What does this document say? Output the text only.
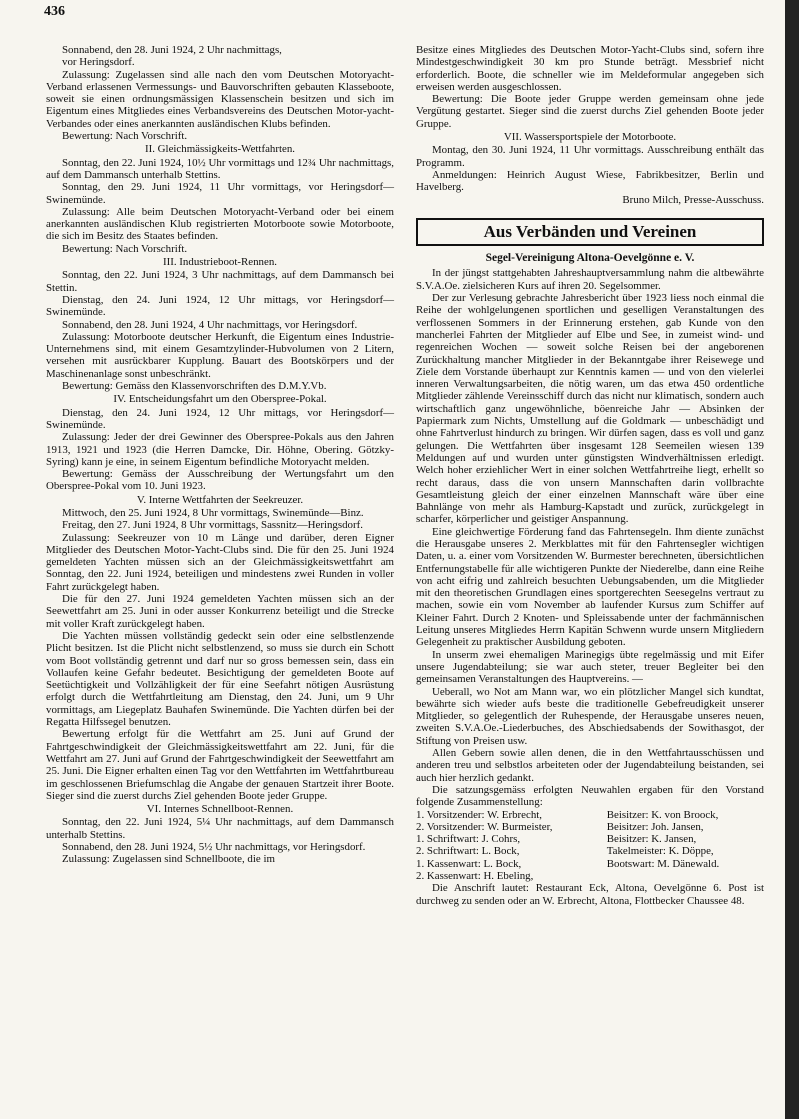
436

Sonnabend, den 28. Juni 1924, 2 Uhr nachmittags,

vor Heringsdorf.

Zulassung: Zugelassen sind alle nach den vom Deutschen Motoryacht-Verband erlassenen Vermessungs- und Bauvorschriften gebauten Klasseboote, soweit sie einen ordnungsmässigen Klassenschein besitzen und sich im Eigentum eines Mitgliedes eines Verbandsvereins des Deutschen Motor-yacht-Verbandes oder eines anerkannten ausländischen Klubs befinden.

Bewertung: Nach Vorschrift.

II. Gleichmässigkeits-Wettfahrten.

Sonntag, den 22. Juni 1924, 10½ Uhr vormittags und 12¾ Uhr nachmittags, auf dem Dammansch unterhalb Stettins.

Sonntag, den 29. Juni 1924, 11 Uhr vormittags, vor Heringsdorf—Swinemünde.

Zulassung: Alle beim Deutschen Motoryacht-Verband oder bei einem anerkannten ausländischen Klub registrierten Motorboote sowie Motorboote, die sich im Besitz des Staates befinden.

Bewertung: Nach Vorschrift.

III. Industrieboot-Rennen.

Sonntag, den 22. Juni 1924, 3 Uhr nachmittags, auf dem Dammansch bei Stettin.

Dienstag, den 24. Juni 1924, 12 Uhr mittags, vor Heringsdorf—Swinemünde.

Sonnabend, den 28. Juni 1924, 4 Uhr nachmittags, vor Heringsdorf.

Zulassung: Motorboote deutscher Herkunft, die Eigentum eines Industrie-Unternehmens sind, mit einem Gesamtzylinder-Hubvolumen von 2 Litern, versehen mit ausrückbarer Kupplung. Bauart des Bootskörpers und der Maschinenanlage sonst unbeschränkt.

Bewertung: Gemäss den Klassenvorschriften des D.M.Y.Vb.

IV. Entscheidungsfahrt um den Oberspree-Pokal.

Dienstag, den 24. Juni 1924, 12 Uhr mittags, vor Heringsdorf—Swinemünde.

Zulassung: Jeder der drei Gewinner des Oberspree-Pokals aus den Jahren 1913, 1921 und 1923 (die Herren Damcke, Dir. Höhne, Obering. Götzky-Syring) kann je eine, in seinem Eigentum befindliche Motoryacht melden.

Bewertung: Gemäss der Ausschreibung der Wertungsfahrt um den Oberspree-Pokal vom 10. Juni 1923.

V. Interne Wettfahrten der Seekreuzer.

Mittwoch, den 25. Juni 1924, 8 Uhr vormittags, Swinemünde—Binz.

Freitag, den 27. Juni 1924, 8 Uhr vormittags, Sassnitz—Heringsdorf.

Zulassung: Seekreuzer von 10 m Länge und darüber, deren Eigner Mitglieder des Deutschen Motor-Yacht-Clubs sind. Die für den 25. Juni 1924 gemeldeten Yachten müssen sich an der Gleichmässigkeitswettfahrt am Sonntag, den 22. Juni 1924, beteiligen und mindestens zwei Runden in voller Fahrt zurückgelegt haben.

Die für den 27. Juni 1924 gemeldeten Yachten müssen sich an der Seewettfahrt am 25. Juni in oder ausser Konkurrenz beteiligt und die Strecke mit voller Kraft zurückgelegt haben.

Die Yachten müssen vollständig gedeckt sein oder eine selbstlenzende Plicht besitzen. Ist die Plicht nicht selbstlenzend, so muss sie durch ein Schott vom Boot vollständig getrennt und darf nur so gross bemessen sein, dass ein Vollaufen keine Gefahr bedeutet. Besichtigung der gemeldeten Boote auf Seetüchtigkeit und Vollzähligkeit der für eine Seefahrt nötigen Ausrüstung erfolgt durch die Wettfahrtleitung am Dienstag, den 24. Juni, um 9 Uhr vormittags, am Liegeplatz Bauhafen Swinemünde. Die Yachten dürfen bei der Regatta Hilfssegel benutzen.

Bewertung erfolgt für die Wettfahrt am 25. Juni auf Grund der Fahrtgeschwindigkeit der Gleichmässigkeitswettfahrt am 22. Juni, für die Wettfahrt am 27. Juni auf Grund der Fahrtgeschwindigkeit der Seewettfahrt am 25. Juni. Die Eigner erhalten einen Tag vor den Wettfahrten im Wettfahrtbureau im geschlossenen Briefumschlag die Angabe der genauen Startzeit ihrer Boote. Sieger sind die zuerst durchs Ziel gehenden Boote jeder Gruppe.

VI. Internes Schnellboot-Rennen.

Sonntag, den 22. Juni 1924, 5¼ Uhr nachmittags, auf dem Dammansch unterhalb Stettins.

Sonnabend, den 28. Juni 1924, 5½ Uhr nachmittags, vor Heringsdorf.

Zulassung: Zugelassen sind Schnellboote, die im

Besitze eines Mitgliedes des Deutschen Motor-Yacht-Clubs sind, sofern ihre Mindestgeschwindigkeit 30 km pro Stunde beträgt. Messbrief nicht erforderlich. Boote, die schneller wie im Meldeformular angegeben sich erweisen werden ausgeschlossen.

Bewertung: Die Boote jeder Gruppe werden gemeinsam ohne jede Vergütung gestartet. Sieger sind die zuerst durchs Ziel gehenden Boote jeder Gruppe.

VII. Wassersportspiele der Motorboote.

Montag, den 30. Juni 1924, 11 Uhr vormittags. Ausschreibung enthält das Programm.

Anmeldungen: Heinrich August Wiese, Fabrikbesitzer, Berlin und Havelberg.

Bruno Milch, Presse-Ausschuss.

Aus Verbänden und Vereinen

Segel-Vereinigung Altona-Oevelgönne e. V.

In der jüngst stattgehabten Jahreshauptversammlung nahm die altbewährte S.V.A.Oe. zielsicheren Kurs auf ihren 20. Segelsommer.

Der zur Verlesung gebrachte Jahresbericht über 1923 liess noch einmal die Reihe der wohlgelungenen sportlichen und geselligen Veranstaltungen des verflossenen Sommers in der Erinnerung erstehen, gab Kunde von den mancherlei Fahrten der Mitglieder auf Elbe und See, in zumeist wind- und regenreichen Wochen — soweit solche Reisen bei der angeborenen Zurückhaltung mancher Mitglieder in der Bekanntgabe ihrer Reisewege und Ziele dem Vorstande überhaupt zur Kenntnis kamen — und von den vielerlei inneren Verwaltungsarbeiten, die nötig waren, um das etwa 450 ordentliche Mitglieder zählende Vereinsschiff durch das nicht nur klimatisch, sondern auch wirtschaftlich ganz ungewöhnliche, böenreiche Jahr — Absinken der Papiermark zum Nichts, Umstellung auf die Goldmark — unbeschädigt und ohne Fahrtverlust hindurch zu bringen. Wir dürfen sagen, dass es voll und ganz gelungen. Die Wettfahrten über insgesamt 128 Seemeilen wiesen 139 Meldungen auf und wurden unter günstigsten Windverhältnissen erledigt. Welch hoher erziehlicher Wert in einer solchen Wettfahrtreihe liegt, erhellt so recht daraus, dass die von unsern Mannschaften darin vollbrachte Gesamtleistung gleich der einer einzelnen Mannschaft wäre über eine Bahnlänge von mehr als Hamburg-Kapstadt und zurück, zurückgelegt in scharfer, körperlicher und geistiger Anspannung.

Eine gleichwertige Förderung fand das Fahrtensegeln. Ihm diente zunächst die Herausgabe unseres 2. Merkblattes mit für den Fahrtensegler wichtigen Daten, u. a. einer vom Vorsitzenden W. Burmester berechneten, übersichtlichen Entfernungstabelle für alle wichtigeren Punkte der Niederelbe, dann eine Reihe von acht eifrig und zahlreich besuchten Uebungsabenden, um die Mitglieder mit den theoretischen Grundlagen eines sportgerechten Seesegelns vertraut zu machen, sowie ein vom November ab laufender Kursus zum Schiffer auf Kleiner Fahrt. Durch 2 Knoten- und Spleissabende unter der fachmännischen Leitung unseres Mitgliedes Herrn Kapitän Schwenn wurde unsern Mitgliedern Gelegenheit zu praktischer Ausbildung geboten.

In unserm zwei ehemaligen Marinegigs übte regelmässig und mit Eifer unsere Jugendabteilung; sie war auch steter, treuer Begleiter bei den gemeinsamen Veranstaltungen des Hauptvereins. —

Ueberall, wo Not am Mann war, wo ein plötzlicher Mangel sich kundtat, bewährte sich wieder aufs beste die traditionelle Gebefreudigkeit unserer Mitglieder, so gelegentlich der Ruhespende, der Herausgabe unseres neuen, zweiten S.V.A.Oe.-Liederbuches, des Abschiedsabends der Sowithasgot, der Stiftung von Preisen usw.

Allen Gebern sowie allen denen, die in den Wettfahrtausschüssen und anderen treu und selbstlos arbeiteten oder der Jugendabteilung beistanden, sei auch hier herzlich gedankt.

Die satzungsgemäss erfolgten Neuwahlen ergaben für den Vorstand folgende Zusammenstellung:

1. Vorsitzender: W. Erbrecht,	Beisitzer: K. von Broock,
2. Vorsitzender: W. Burmeister,	Beisitzer: Joh. Jansen,
1. Schriftwart: J. Cohrs,	Beisitzer: K. Jansen,
2. Schriftwart: L. Bock,	Takelmeister: K. Döppe,
1. Kassenwart: L. Bock,	Bootswart: M. Dänewald.
2. Kassenwart: H. Ebeling,	

Die Anschrift lautet: Restaurant Eck, Altona, Oevelgönne 6. Post ist durchweg zu senden oder an W. Erbrecht, Altona, Flottbecker Chaussee 48.
